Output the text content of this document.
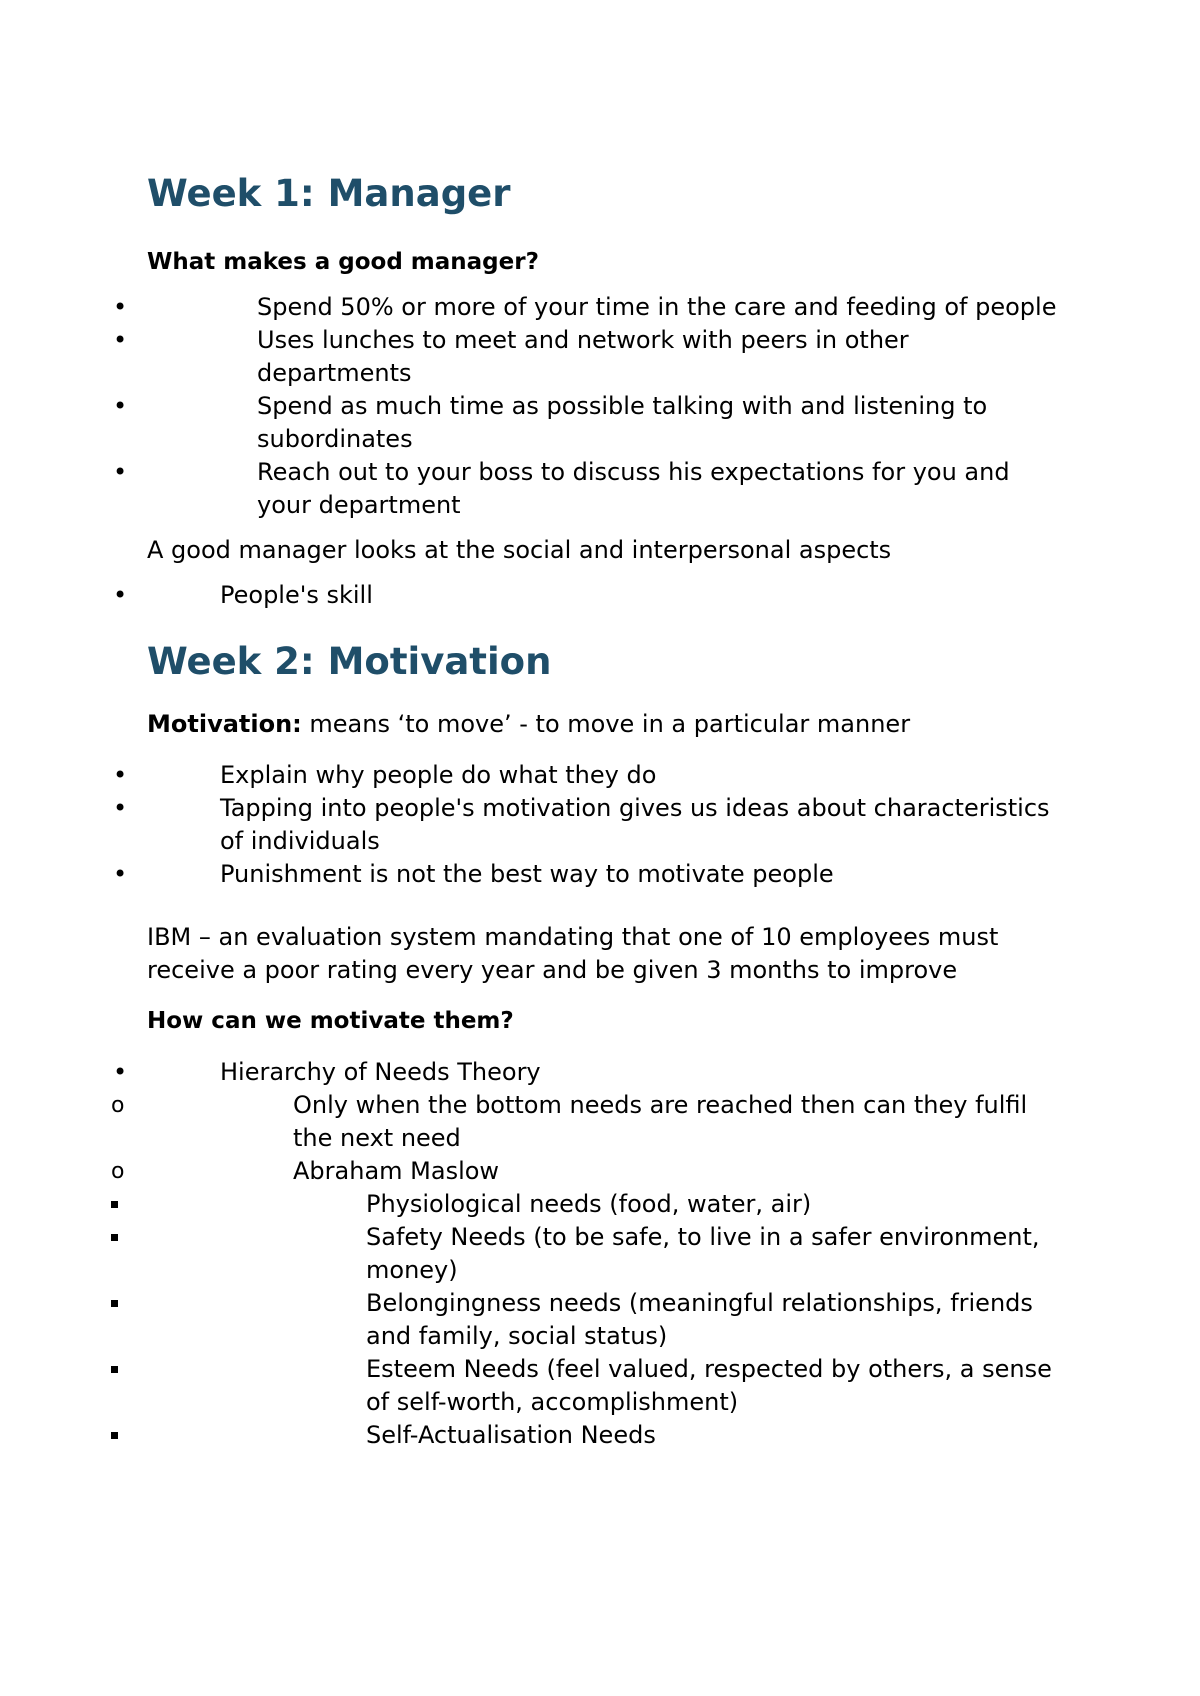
Week 1: Manager

What makes a good manager?

• Spend 50% or more of your time in the care and feeding of people
• Uses lunches to meet and network with peers in other departments
• Spend as much time as possible talking with and listening to subordinates
• Reach out to your boss to discuss his expectations for you and your department

A good manager looks at the social and interpersonal aspects

• People's skill
Week 2: Motivation

Motivation: means ‘to move’ - to move in a particular manner

• Explain why people do what they do
• Tapping into people's motivation gives us ideas about characteristics of individuals
• Punishment is not the best way to motivate people

IBM – an evaluation system mandating that one of 10 employees must receive a poor rating every year and be given 3 months to improve

How can we motivate them?

• Hierarchy of Needs Theory
o Only when the bottom needs are reached then can they fulfil the next need
o Abraham Maslow
Physiological needs (food, water, air)
Safety Needs (to be safe, to live in a safer environment, money)
Belongingness needs (meaningful relationships, friends and family, social status)
Esteem Needs (feel valued, respected by others, a sense of self-worth, accomplishment)
Self-Actualisation Needs
